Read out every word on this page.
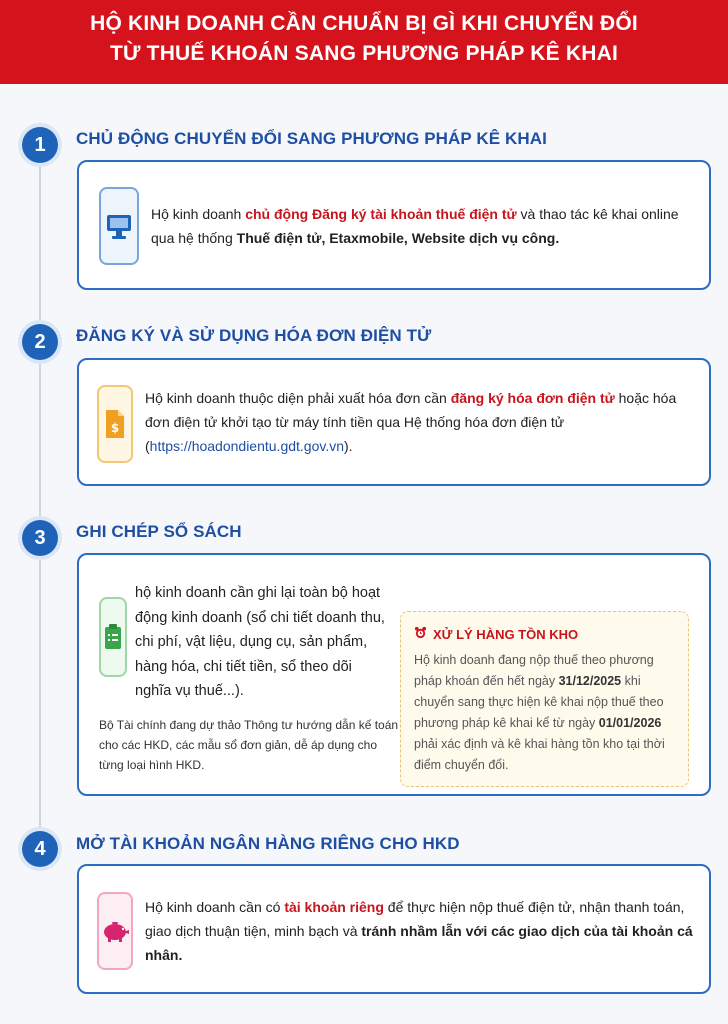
HỘ KINH DOANH CẦN CHUẨN BỊ GÌ KHI CHUYỂN ĐỔI
TỪ THUẾ KHOÁN SANG PHƯƠNG PHÁP KÊ KHAI
1	CHỦ ĐỘNG CHUYỂN ĐỔI SANG PHƯƠNG PHÁP KÊ KHAI
Hộ kinh doanh chủ động Đăng ký tài khoản thuế điện tử và thao tác kê khai online qua hệ thống Thuế điện tử, Etaxmobile, Website dịch vụ công.
2	ĐĂNG KÝ VÀ SỬ DỤNG HÓA ĐƠN ĐIỆN TỬ
$
Hộ kinh doanh thuộc diện phải xuất hóa đơn cần đăng ký hóa đơn điện tử hoặc hóa đơn điện tử khởi tạo từ máy tính tiền qua Hệ thống hóa đơn điện tử (https://hoadondientu.gdt.gov.vn).
3	GHI CHÉP SỔ SÁCH
hộ kinh doanh cần ghi lại toàn bộ hoạt động kinh doanh (sổ chi tiết doanh thu, chi phí, vật liệu, dụng cụ, sản phẩm, hàng hóa, chi tiết tiền, sổ theo dõi nghĩa vụ thuế...).
Bộ Tài chính đang dự thảo Thông tư hướng dẫn kế toán cho các HKD, các mẫu sổ đơn giản, dễ áp dụng cho từng loại hình HKD.
XỬ LÝ HÀNG TỒN KHO
Hộ kinh doanh đang nộp thuế theo phương pháp khoán đến hết ngày 31/12/2025 khi chuyển sang thực hiện kê khai nộp thuế theo phương pháp kê khai kể từ ngày 01/01/2026 phải xác định và kê khai hàng tồn kho tại thời điểm chuyển đổi.
4	MỞ TÀI KHOẢN NGÂN HÀNG RIÊNG CHO HKD
Hộ kinh doanh cần có tài khoản riêng để thực hiện nộp thuế điện tử, nhận thanh toán, giao dịch thuận tiện, minh bạch và tránh nhầm lẫn với các giao dịch của tài khoản cá nhân.
